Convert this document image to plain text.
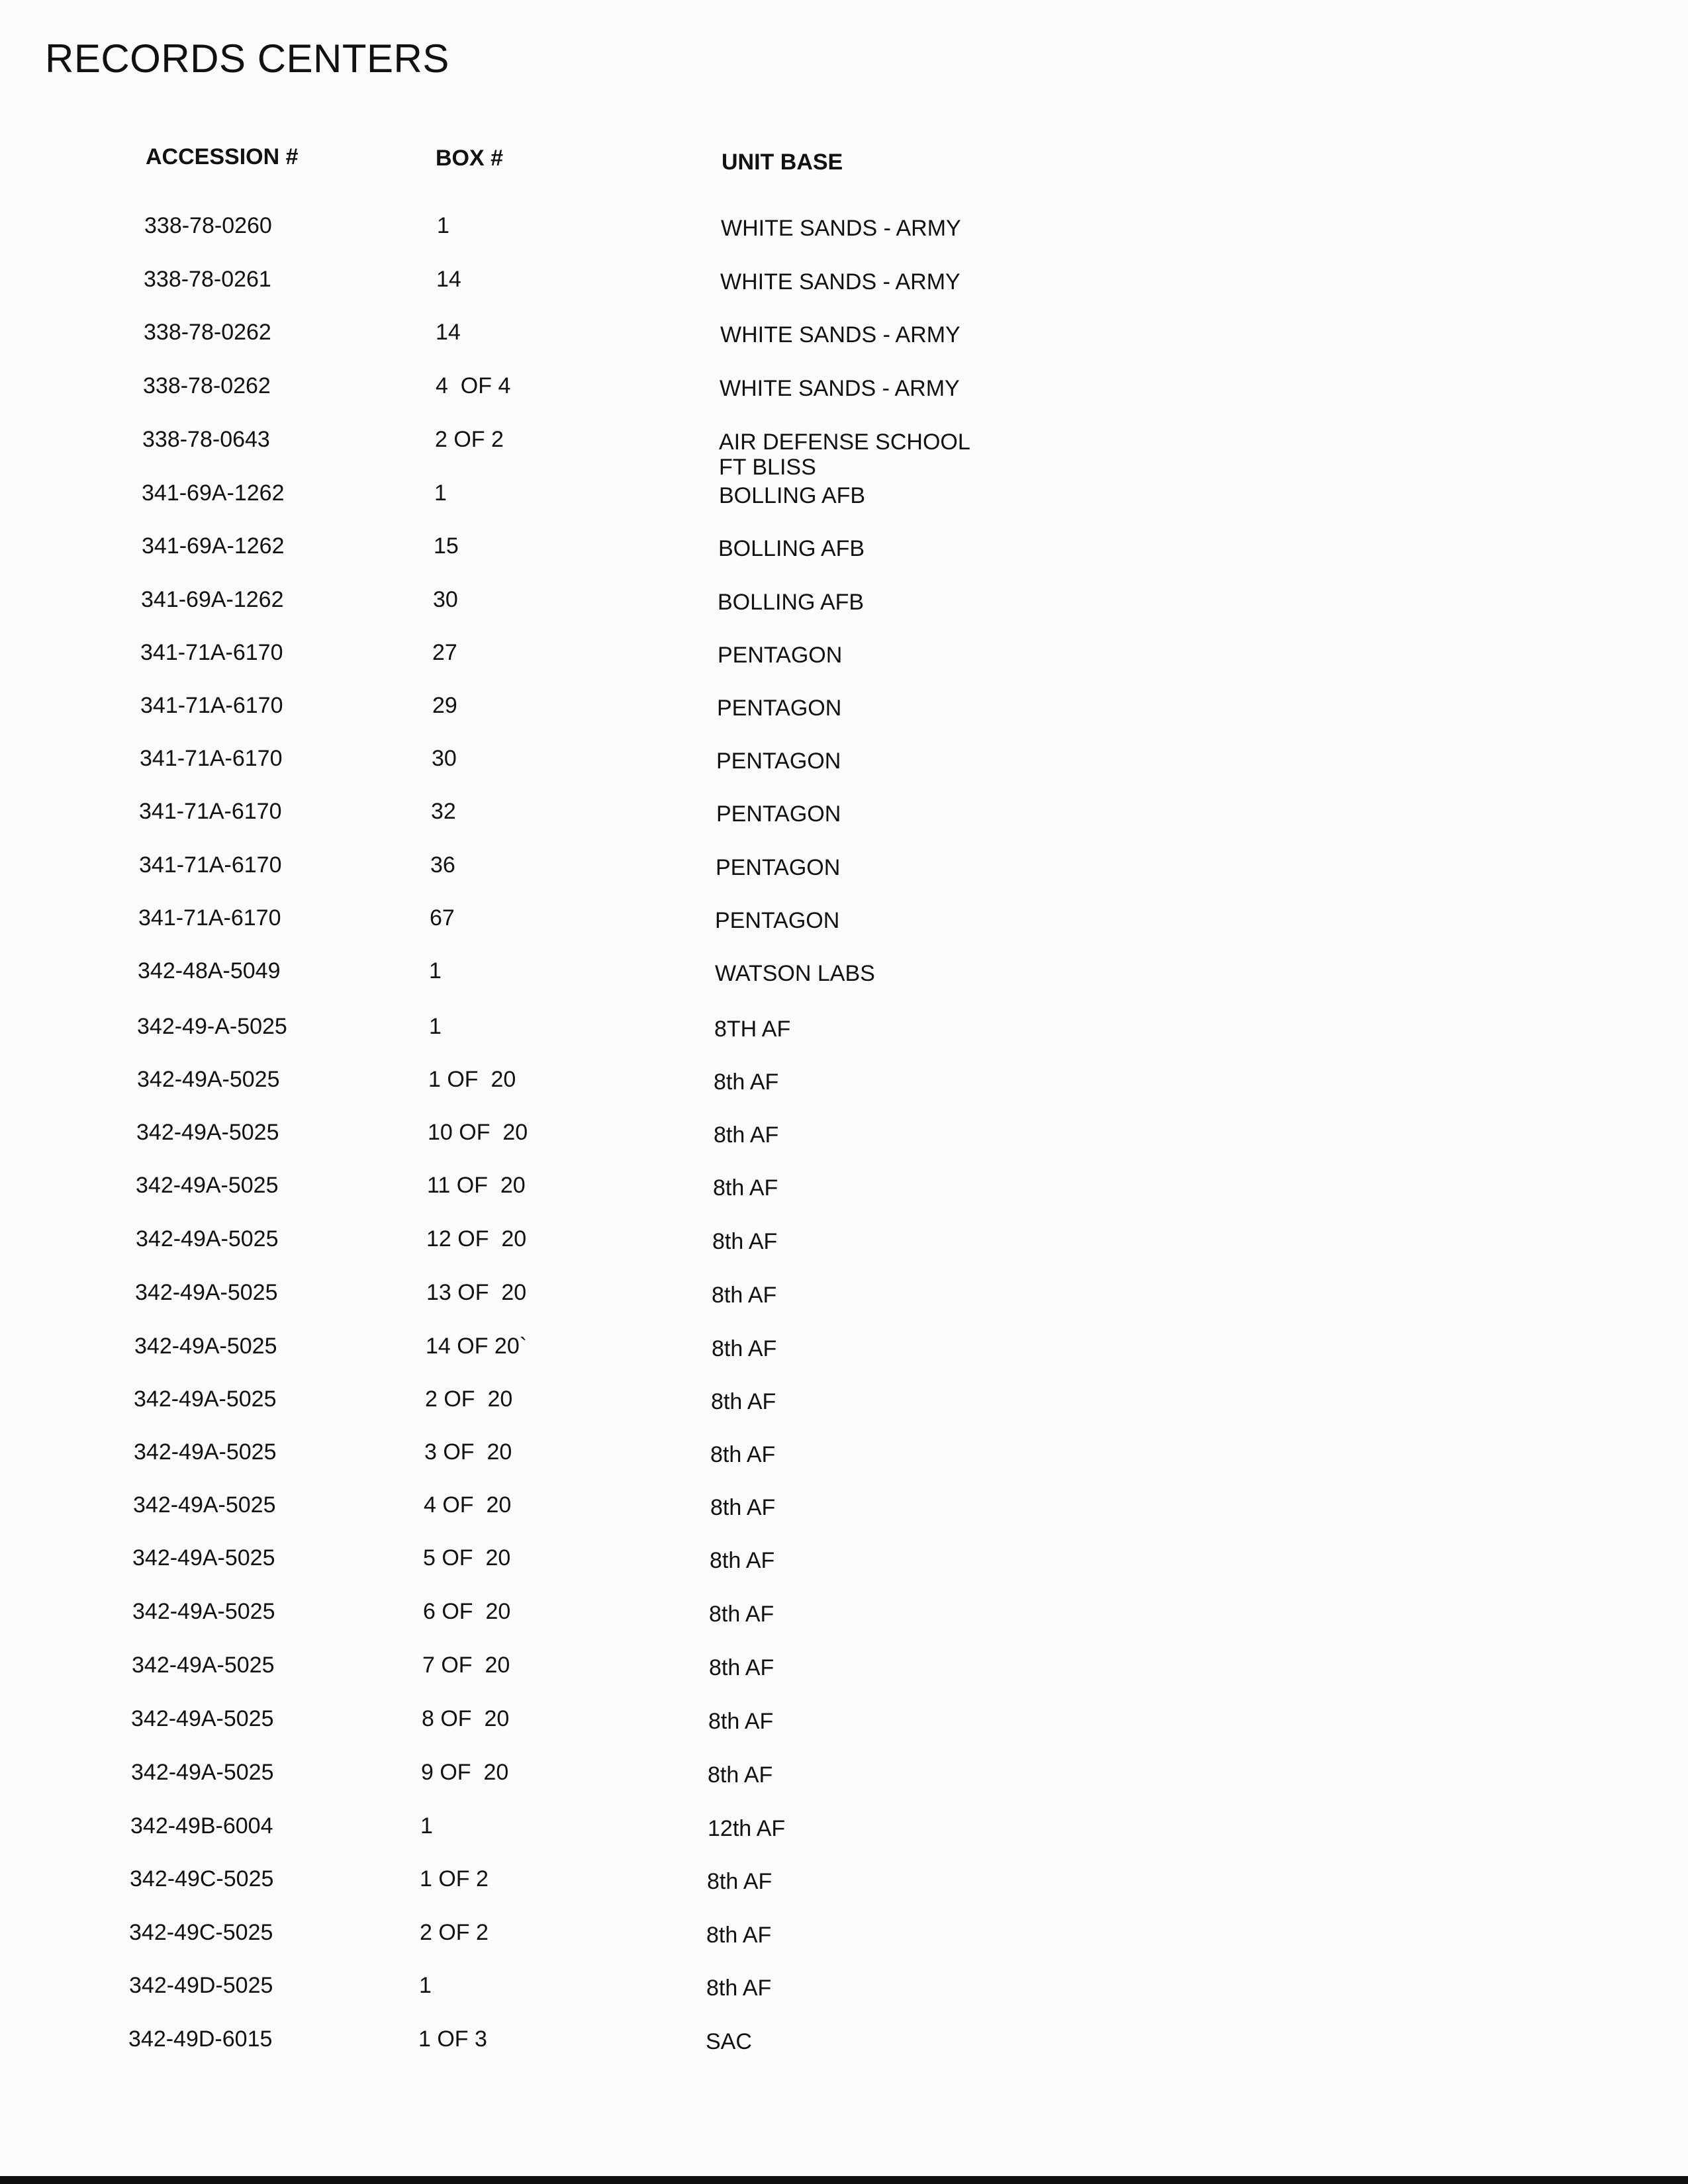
RECORDS CENTERS
ACCESSION #	BOX #	UNIT BASE
338-78-0260	1	WHITE SANDS - ARMY
338-78-0261	14	WHITE SANDS - ARMY
338-78-0262	14	WHITE SANDS - ARMY
338-78-0262	4  OF 4	WHITE SANDS - ARMY
338-78-0643	2 OF 2	AIR DEFENSE SCHOOL
FT BLISS
341-69A-1262	1	BOLLING AFB
341-69A-1262	15	BOLLING AFB
341-69A-1262	30	BOLLING AFB
341-71A-6170	27	PENTAGON
341-71A-6170	29	PENTAGON
341-71A-6170	30	PENTAGON
341-71A-6170	32	PENTAGON
341-71A-6170	36	PENTAGON
341-71A-6170	67	PENTAGON
342-48A-5049	1	WATSON LABS
342-49-A-5025	1	8TH AF
342-49A-5025	1 OF  20	8th AF
342-49A-5025	10 OF  20	8th AF
342-49A-5025	11 OF  20	8th AF
342-49A-5025	12 OF  20	8th AF
342-49A-5025	13 OF  20	8th AF
342-49A-5025	14 OF 20`	8th AF
342-49A-5025	2 OF  20	8th AF
342-49A-5025	3 OF  20	8th AF
342-49A-5025	4 OF  20	8th AF
342-49A-5025	5 OF  20	8th AF
342-49A-5025	6 OF  20	8th AF
342-49A-5025	7 OF  20	8th AF
342-49A-5025	8 OF  20	8th AF
342-49A-5025	9 OF  20	8th AF
342-49B-6004	1	12th AF
342-49C-5025	1 OF 2	8th AF
342-49C-5025	2 OF 2	8th AF
342-49D-5025	1	8th AF
342-49D-6015	1 OF 3	SAC
